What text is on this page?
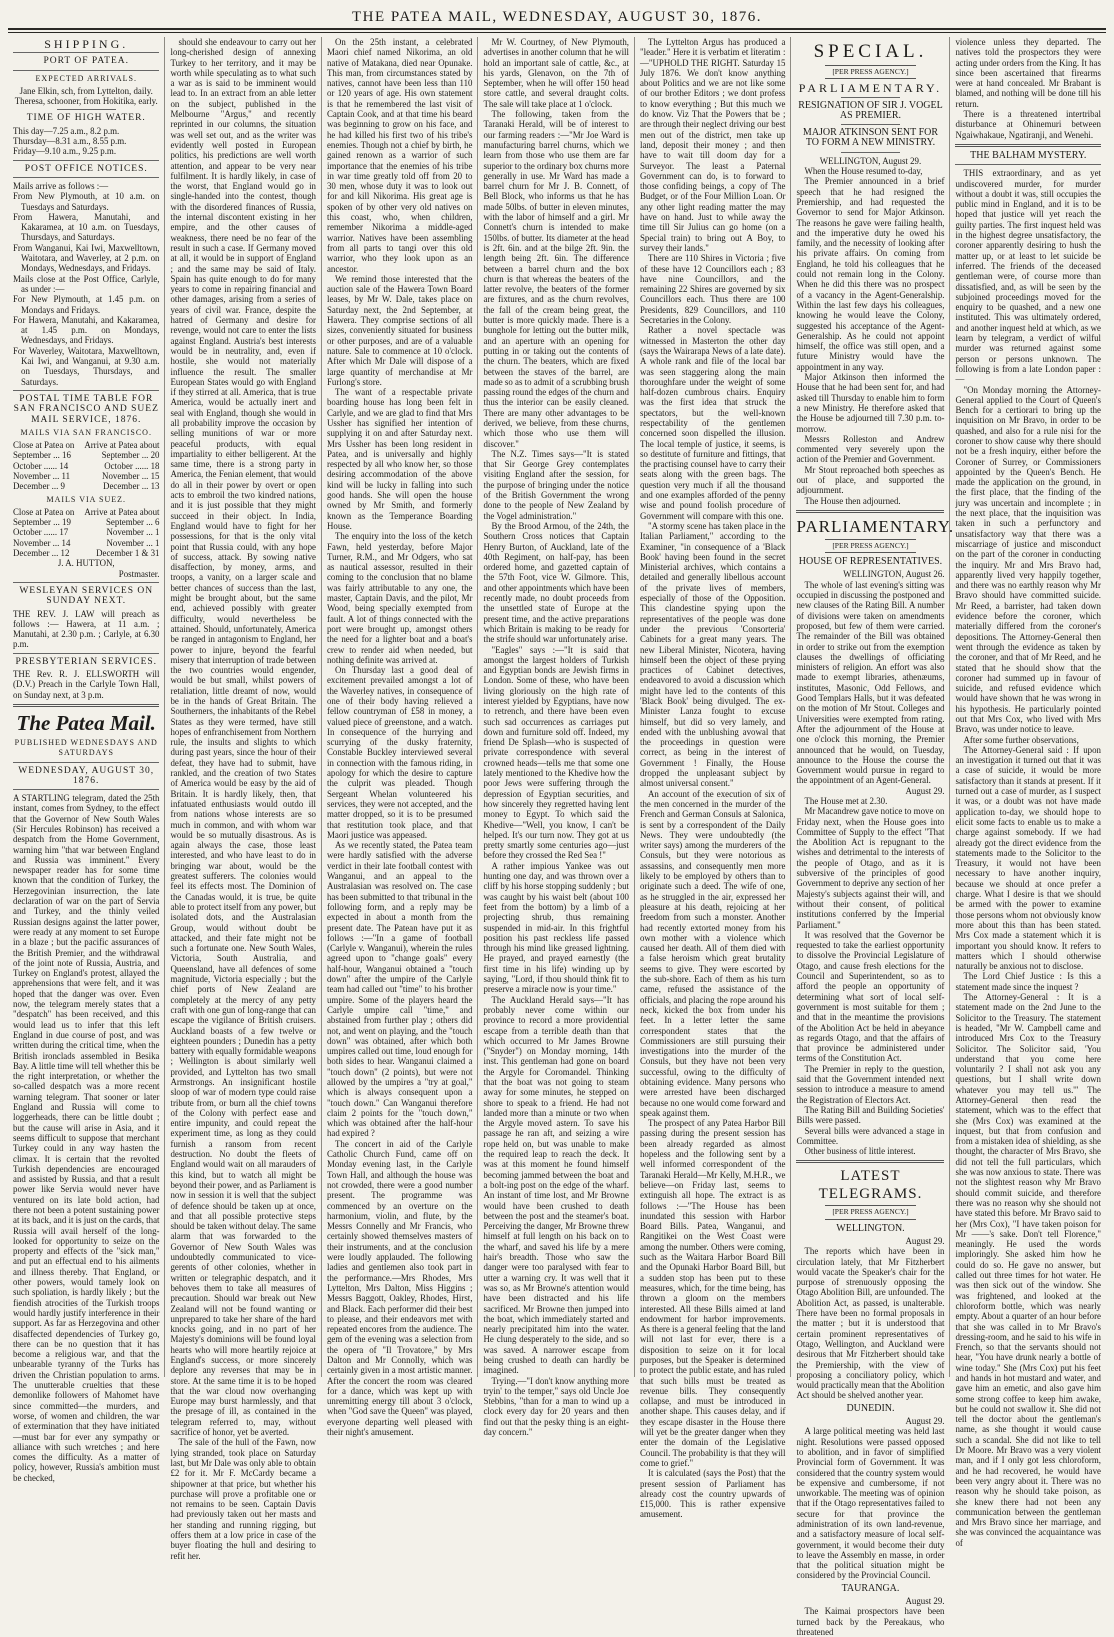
THE PATEA MAIL, WEDNESDAY, AUGUST 30, 1876.
SHIPPING.
PORT OF PATEA.
EXPECTED ARRIVALS.

Jane Elkin, sch, from Lyttelton, daily.

Theresa, schooner, from Hokitika, early.

TIME OF HIGH WATER.

This day—7.25 a.m., 8.2 p.m.

Thursday—8.31 a.m., 8.55 p.m.

Friday—9.10 a.m., 9.25 p.m.

POST OFFICE NOTICES.

Mails arrive as follows :—

From New Plymouth, at 10 a.m. on Tuesdays and Saturdays.

From Hawera, Manutahi, and Kakaramea, at 10 a.m. on Tuesdays, Thursdays, and Saturdays.

From Wanganui, Kai Iwi, Maxwelltown, Waitotara, and Waverley, at 2 p.m. on Mondays, Wednesdays, and Fridays.

Mails close at the Post Office, Carlyle, as under :—

For New Plymouth, at 1.45 p.m. on Mondays and Fridays.

For Hawera, Manutahi, and Kakaramea, at 1.45 p.m. on Mondays, Wednesdays, and Fridays.

For Waverley, Waitotara, Maxwelltown, Kai Iwi, and Wanganui, at 9.30 a.m. on Tuesdays, Thursdays, and Saturdays.

POSTAL TIME TABLE FOR SAN FRANCISCO AND SUEZ MAIL SERVICE, 1876.
MAILS VIA SAN FRANCISCO.
Close at Patea on Arrive at Patea about
September ... 16	September ... 20
October ...... 14	October ...... 18
November ... 11	November ... 15
December ... 9	December ... 13
MAILS VIA SUEZ.
Close at Patea on Arrive at Patea about
September ... 19	September ... 6
October ...... 17	November ... 1
November ... 14	November ... 1
December ... 12	December 1 & 31

J. A. HUTTON,

Postmaster.

WESLEYAN SERVICES ON SUNDAY NEXT.

THE REV. J. LAW will preach as follows :— Hawera, at 11 a.m. ; Manutahi, at 2.30 p.m. ; Carlyle, at 6.30 p.m.

PRESBYTERIAN SERVICES.

THE Rev. R. J. ELLSWORTH will (D.V.) Preach in the Carlyle Town Hall, on Sunday next, at 3 p.m.

The Patea Mail.
PUBLISHED WEDNESDAYS AND SATURDAYS
WEDNESDAY, AUGUST 30, 1876.

A STARTLING telegram, dated the 25th instant, comes from Sydney, to the effect that the Governor of New South Wales (Sir Hercules Robinson) has received a despatch from the Home Government, warning him "that war between England and Russia was imminent." Every newspaper reader has for some time known that the condition of Turkey, the Herzegovinian insurrection, the late declaration of war on the part of Servia and Turkey, and the thinly veiled Russian designs against the latter power, were ready at any moment to set Europe in a blaze ; but the pacific assurances of the British Premier, and the withdrawal of the joint note of Russia, Austria, and Turkey on England's protest, allayed the apprehensions that were felt, and it was hoped that the danger was over. Even now, the telegram merely states that a "despatch" has been received, and this would lead us to infer that this left England in due course of post, and was written during the critical time, when the British ironclads assembled in Besika Bay. A little time will tell whether this be the right interpretation, or whether the so-called despatch was a more recent warning telegram. That sooner or later England and Russia will come to loggerheads, there can be little doubt ; but the cause will arise in Asia, and it seems difficult to suppose that merchant Turkey could in any way hasten the climax. It is certain that the revolted Turkish dependencies are encouraged and assisted by Russia, and that a result power like Servia would never have ventured on its late bold action, had there not been a potent sustaining power at its back, and it is just on the cards, that Russia will avail herself of the long-looked for opportunity to seize on the property and effects of the "sick man," and put an effectual end to his ailments and illness thereby. That England, or other powers, would tamely look on such spoliation, is hardly likely ; but the fiendish atrocities of the Turkish troops would hardly justify interference in their support. As far as Herzegovina and other disaffected dependencies of Turkey go, there can be no question that it has become a religious war, and that the unbearable tyranny of the Turks has driven the Christian population to arms. The unutterable cruelties that these demonlike followers of Mahomet have since committed—the murders, and worse, of women and children, the war of extermination that they have initiated—must bar for ever any sympathy or alliance with such wretches ; and here comes the difficulty. As a matter of policy, however, Russia's ambition must be checked,

should she endeavour to carry out her long-cherished design of annexing Turkey to her territory, and it may be worth while speculating as to what such a war as is said to be imminent would lead to. In an extract from an able letter on the subject, published in the Melbourne "Argus," and recently reprinted in our columns, the situation was well set out, and as the writer was evidently well posted in European politics, his predictions are well worth attention, and appear to be very near fulfilment. It is hardly likely, in case of the worst, that England would go in single-handed into the contest, though with the disordered finances of Russia, the internal discontent existing in her empire, and the other causes of weakness, there need be no fear of the result in such a case. If Germany moved at all, it would be in support of England ; and the same may be said of Italy. Spain has quite enough to do for many years to come in repairing financial and other damages, arising from a series of years of civil war. France, despite the hatred of Germany and desire for revenge, would not care to enter the lists against England. Austria's best interests would be in neutrality, and, even if hostile, she would not materially influence the result. The smaller European States would go with England if they stirred at all. America, that is true America, would be actually inert and seal with England, though she would in all probability improve the occasion by selling munitions of war or more peaceful products, with equal impartiality to either belligerent. At the same time, there is a strong party in America, the Fenian element, that would do all in their power by overt or open acts to embroil the two kindred nations, and it is just possible that they might succeed in their object. In India, England would have to fight for her possessions, for that is the only vital point that Russia could, with any hope of success, attack. By sowing native disaffection, by money, arms, and troops, a vanity, on a larger scale and better chances of success than the last, might be brought about, but the same end, achieved possibly with greater difficulty, would nevertheless be attained. Should, unfortunately, America be ranged in antagonism to England, her power to injure, beyond the fearful misery that interruption of trade between the two countries would engender, would be but small, whilst powers of retaliation, little dreamt of now, would be in the hands of Great Britain. The Southerners, the inhabitants of the Rebel States as they were termed, have still hopes of enfranchisement from Northern rule, the insults and slights to which during past years, since the hour of their defeat, they have had to submit, have rankled, and the creation of two States of America would be easy by the aid of Britain. It is hardly likely, then, that infatuated enthusiasts would outdo ill from nations whose interests are so much in common, and with whom war would be so mutually disastrous. As is again always the case, those least interested, and who have least to do in bringing war about, would be the greatest sufferers. The colonies would feel its effects most. The Dominion of the Canadas would, it is true, be quite able to protect itself from any power, but isolated dots, and the Australasian Group, would without doubt be attacked, and their fate might not be such a fortunate one. New South Wales, Victoria, South Australia, and Queensland, have all defences of some magnitude, Victoria especially ; but the chief ports of New Zealand are completely at the mercy of any petty craft with one gun of long-range that can escape the vigilance of British cruisers. Auckland boasts of a few twelve or eighteen pounders ; Dunedin has a petty battery with equally formidable weapons ; Wellington is about similarly well provided, and Lyttelton has two small Armstrongs. An insignificant hostile sloop of war of modern type could raise tribute from, or burn all the chief towns of the Colony with perfect ease and entire impunity, and could repeat the experiment time, as long as they could furnish a ransom from recent destruction. No doubt the fleets of England would wait on all marauders of this kind, but to watch all might be beyond their power, and as Parliament is now in session it is well that the subject of defence should be taken up at once, and that all possible protective steps should be taken without delay. The same alarm that was forwarded to the Governor of New South Wales was undoubtedly communicated to vice-gerents of other colonies, whether in written or telegraphic despatch, and it behoves them to take all measures of precaution. Should war break out New Zealand will not be found wanting or unprepared to take her share of the hard knocks going, and in no part of her Majesty's dominions will be found loyal hearts who will more heartily rejoice at England's success, or more sincerely deplore any reverses that may be in store. At the same time it is to be hoped that the war cloud now overhanging Europe may burst harmlessly, and that the presage of ill, as contained in the telegram referred to, may, without sacrifice of honor, yet be averted.

The sale of the hull of the Fawn, now lying stranded, took place on Saturday last, but Mr Dale was only able to obtain £2 for it. Mr F. McCardy became a shipowner at that price, but whether his purchase will prove a profitable one or not remains to be seen. Captain Davis had previously taken out her masts and her standing and running rigging, but offers them at a low price in case of the buyer floating the hull and desiring to refit her.

On the 25th instant, a celebrated Maori chief named Nikorima, an old native of Matakana, died near Opunake. This man, from circumstances stated by natives, cannot have been less than 110 or 120 years of age. His own statement is that he remembered the last visit of Captain Cook, and at that time his beard was beginning to grow on his face, and he had killed his first two of his tribe's enemies. Though not a chief by birth, he gained renown as a warrior of such importance that the enemies of his tribe in war time greatly told off from 20 to 30 men, whose duty it was to look out for and kill Nikorima. His great age is spoken of by other very old natives on this coast, who, when children, remember Nikorima a middle-aged warrior. Natives have been assembling from all parts to tangi over this old warrior, who they look upon as an ancestor.

We remind those interested that the auction sale of the Hawera Town Board leases, by Mr W. Dale, takes place on Saturday next, the 2nd September, at Hawera. They comprise sections of all sizes, conveniently situated for business or other purposes, and are of a valuable nature. Sale to commence at 10 o'clock. After which Mr Dale will dispose of a large quantity of merchandise at Mr Furlong's store.

The want of a respectable private boarding house has long been felt in Carlyle, and we are glad to find that Mrs Ussher has signified her intention of supplying it on and after Saturday next. Mrs Ussher has been long resident in Patea, and is universally and highly respected by all who know her, so those desiring accommodation of the above kind will be lucky in falling into such good hands. She will open the house owned by Mr Smith, and formerly known as the Temperance Boarding House.

The enquiry into the loss of the ketch Fawn, held yesterday, before Major Turner, R.M., and Mr Odgers, who sat as nautical assessor, resulted in their coming to the conclusion that no blame was fairly attributable to any one, the master, Captain Davis, and the pilot, Mr Wood, being specially exempted from fault. A lot of things connected with the port were brought up, amongst others the need for a lighter boat and a boat's crew to render aid when needed, but nothing definite was arrived at.

On Thursday last a good deal of excitement prevailed amongst a lot of the Waverley natives, in consequence of one of their body having relieved a fellow countryman of £58 in money, a valued piece of greenstone, and a watch. In consequence of the hurrying and scurrying of the dusky fraternity, Constable Buckley interviewed several in connection with the famous riding, in apology for which the desire to capture the culprit was pleaded. Though Sergeant Whelan volunteered his services, they were not accepted, and the matter dropped, so it is to be presumed that restitution took place, and that Maori justice was appeased.

As we recently stated, the Patea team were hardly satisfied with the adverse verdict in their late football contest with Wanganui, and an appeal to the Australasian was resolved on. The case has been submitted to that tribunal in the following form, and a reply may be expected in about a month from the present date. The Patean have put it as follows :—"In a game of football (Carlyle v. Wanganui), wherein the rules agreed upon to "change goals" every half-hour, Wanganui obtained a "touch down" after the umpire of the Carlyle team had called out "time" to his brother umpire. Some of the players heard the Carlyle umpire call "time," and abstained from further play ; others did not, and went on playing, and the "touch down" was obtained, after which both umpires called out time, loud enough for both sides to hear. Wanganui claimed a "touch down" (2 points), but were not allowed by the umpires a "try at goal," which is always consequent upon a "touch down." Can Wanganui therefore claim 2 points for the "touch down," which was obtained after the half-hour had expired ?

The concert in aid of the Carlyle Catholic Church Fund, came off on Monday evening last, in the Carlyle Town Hall, and although the house was not crowded, there were a good number present. The programme was commenced by an overture on the harmonium, violin, and flute, by the Messrs Connelly and Mr Francis, who certainly showed themselves masters of their instruments, and at the conclusion were loudly applauded. The following ladies and gentlemen also took part in the performance.—Mrs Rhodes, Mrs Lyttelton, Mrs Dalton, Miss Higgins ; Messrs Baggott, Oakley, Rhodes, Hirst, and Black. Each performer did their best to please, and their endeavors met with repeated encores from the audience. The gem of the evening was a selection from the opera of "Il Trovatore," by Mrs Dalton and Mr Connolly, which was certainly given in a most artistic manner. After the concert the room was cleared for a dance, which was kept up with unremitting energy till about 3 o'clock, when "God save the Queen" was played, everyone departing well pleased with their night's amusement.

Mr W. Courtney, of New Plymouth, advertises in another column that he will hold an important sale of cattle, &c., at his yards, Glenavon, on the 7th of September, when he will offer 150 head store cattle, and several draught colts. The sale will take place at 1 o'clock.

The following, taken from the Taranaki Herald, will be of interest to our farming readers :—"Mr Joe Ward is manufacturing barrel churns, which we learn from those who use them are far superior to the ordinary box churns more generally in use. Mr Ward has made a barrel churn for Mr J. B. Connett, of Bell Block, who informs us that he has made 50lbs. of butter in eleven minutes, with the labor of himself and a girl. Mr Connett's churn is intended to make 150lbs. of butter. Its diameter at the head is 2ft. 6in. and at the bilge 2ft. 9in. the length being 2ft. 6in. The difference between a barrel churn and the box churn is that whereas the beaters of the latter revolve, the beaters of the former are fixtures, and as the churn revolves, the fall of the cream being great, the butter is more quickly made. There is a bunghole for letting out the butter milk, and an aperture with an opening for putting in or taking out the contents of the churn. The beaters, which are fixed between the staves of the barrel, are made so as to admit of a scrubbing brush passing round the edges of the churn and thus the interior can be easily cleaned. There are many other advantages to be derived, we believe, from these churns, which those who use them will discover."

The N.Z. Times says—"It is stated that Sir George Grey contemplates visiting England after the session, for the purpose of bringing under the notice of the British Government the wrong done to the people of New Zealand by the Vogel administration."

By the Brood Armou, of the 24th, the Southern Cross notices that Captain Henry Burton, of Auckland, late of the 40th Regiment, on half-pay, has been ordered home, and gazetted captain of the 57th Foot, vice W. Gilmore. This, and other appointments which have been recently made, no doubt proceeds from the unsettled state of Europe at the present time, and the active preparations which Britain is making to be ready for the strife should war unfortunately arise.

"Eagles" says :—"It is said that amongst the largest holders of Turkish and Egyptian bonds are Jewish firms in London. Some of these, who have been living gloriously on the high rate of interest yielded by Egyptians, have now to retrench, and there have been even such sad occurrences as carriages put down and furniture sold off. Indeed, my friend De Splash—who is suspected of private correspondence with several crowned heads—tells me that some one lately mentioned to the Khedive how the poor Jews were suffering through the depression of Egyptian securities, and how sincerely they regretted having lent money to Egypt. To which said the Khedive—"Well, you know, I can't be helped. It's our turn now. They got at us pretty smartly some centuries ago—just before they crossed the Red Sea !"

A rather impious Yankee was out hunting one day, and was thrown over a cliff by his horse stopping suddenly ; but was caught by his waist belt (about 100 feet from the bottom) by a limb of a projecting shrub, thus remaining suspended in mid-air. In this frightful position his past reckless life passed through his mind like greased lightning. He prayed, and prayed earnestly (the first time in his life) winding up by saying, "Lord, if thou should think fit to preserve a miracle now is your time."

The Auckland Herald says—"It has probably never come within our province to record a more providential escape from a terrible death than that which occurred to Mr James Browne ("Snyder") on Monday morning, 14th inst. This gentleman had gone on board the Argyle for Coromandel. Thinking that the boat was not going to steam away for some minutes, he stepped on shore to speak to a friend. He had not landed more than a minute or two when the Argyle moved astern. To save his passage he ran aft, and seizing a wire rope held on, but was unable to make the required leap to reach the deck. It was at this moment he found himself becoming jammed between the boat and a bolt-ing post on the edge of the wharf. An instant of time lost, and Mr Browne would have been crushed to death between the post and the steamer's boat. Perceiving the danger, Mr Browne threw himself at full length on his back on to the wharf, and saved his life by a mere hair's breadth. Those who saw the danger were too paralysed with fear to utter a warning cry. It was well that it was so, as Mr Browne's attention would have been distracted and his life sacrificed. Mr Browne then jumped into the boat, which immediately started and nearly precipitated him into the water. He clung desperately to the side, and so was saved. A narrower escape from being crushed to death can hardly be imagined.

Trying.—"I don't know anything more tryin' to the temper," says old Uncle Joe Stebbins, "than for a man to wind up a clock every day for 20 years and then find out that the pesky thing is an eight-day concern."

The Lyttelton Argus has produced a "leader." Here it is verbatim et literatim :—"UPHOLD THE RIGHT. Saturday 15 July 1876. We don't know anything about Politics and we are not like some of our brother Editors ; we dont profess to know everything ; But this much we do know. Viz That the Powers that be ; are through their neglect driving our best men out of the district, men take up land, deposit their money ; and then have to wait till doom day for a Surveyor. The least a Paternal Government can do, is to forward to those confiding beings, a copy of The Budget, or of the Four Million Loan. Or any other light reading matter the may have on hand. Just to while away the time till Sir Julius can go home (on a Special train) to bring out A Boy, to survey their lands."

There are 110 Shires in Victoria ; five of these have 12 Councillors each ; 83 have nine Councillors, and the remaining 22 Shires are governed by six Councillors each. Thus there are 100 Presidents, 829 Councillors, and 110 Secretaries in the Colony.

Rather a novel spectacle was witnessed in Masterton the other day (says the Wairarapa News of a late date). A whole rank and file of the local bar was seen staggering along the main thoroughfare under the weight of some half-dozen cumbrous chairs. Enquiry was the first idea that struck the spectators, but the well-known respectability of the gentlemen concerned soon dispelled the illusion. The local temple of justice, it seems, is so destitute of furniture and fittings, that the practising counsel have to carry their seats along with the green bags. The question very much if all the thousand and one examples afforded of the penny wise and pound foolish procedure of Government will compare with this one.

"A stormy scene has taken place in the Italian Parliament," according to the Examiner, "in consequence of a 'Black Book' having been found in the secret Ministerial archives, which contains a detailed and generally libellous account of the private lives of members, especially of those of the Opposition. This clandestine spying upon the representatives of the people was done under the previous 'Consorteria' Cabinets for a great many years. The new Liberal Minister, Nicotera, having himself been the object of these prying practices of Cabinet detectives, endeavored to avoid a discussion which might have led to the contents of this 'Black Book' being divulged. The ex-Minister Lanza fought to excuse himself, but did so very lamely, and ended with the unblushing avowal that the proceedings in question were correct, as being in the interest of Government ! Finally, the House dropped the unpleasant subject by almost universal consent."

An account of the execution of six of the men concerned in the murder of the French and German Consuls at Salonica, is sent by a correspondent of the Daily News. They were undoubtedly (the writer says) among the murderers of the Consuls, but they were notorious as assassins, and consequently men more likely to be employed by others than to originate such a deed. The wife of one, as he struggled in the air, expressed her pleasure at his death, rejoicing at her freedom from such a monster. Another had recently extorted money from his own mother with a violence which caused her death. All of them died with a false heroism which great brutality seems to give. They were escorted by the sub-shore. Each of them as his turn came, refused the assistance of the officials, and placing the rope around his neck, kicked the box from under his feet. In a letter letter the same correspondent states that the Commissioners are still pursuing their investigations into the murder of the Consuls, but they have not been very successful, owing to the difficulty of obtaining evidence. Many persons who were arrested have been discharged because no one would come forward and speak against them.

The prospect of any Patea Harbor Bill passing during the present session has been already regarded as almost hopeless and the following sent by a well informed correspondent of the Taranaki Herald—Mr Kelly, M.H.R., we believe—on Friday last, seems to extinguish all hope. The extract is as follows :—"The House has been inundated this session with Harbor Board Bills. Patea, Wanganui, and Rangitikei on the West Coast were among the number. Others were coming, such as the Waitara Harbor Board Bill and the Opunaki Harbor Board Bill, but a sudden stop has been put to these measures, which, for the time being, has thrown a gloom on the members interested. All these Bills aimed at land endowment for harbor improvements. As there is a general feeling that the land will not last for ever, there is a disposition to seize on it for local purposes, but the Speaker is determined to protect the public estate, and has ruled that such bills must be treated as revenue bills. They consequently collapse, and must be introduced in another shape. This causes delay, and if they escape disaster in the House there will yet be the greater danger when they enter the domain of the Legislative Council. The probability is that they will come to grief."

It is calculated (says the Post) that the present session of Parliament has already cost the country upwards of £15,000. This is rather expensive amusement.

SPECIAL.
[PER PRESS AGENCY.]
PARLIAMENTARY.
RESIGNATION OF SIR J. VOGEL AS PREMIER.
MAJOR ATKINSON SENT FOR TO FORM A NEW MINISTRY.

WELLINGTON, August 29.

When the House resumed to-day,

The Premier announced in a brief speech that he had resigned the Premiership, and had requested the Governor to send for Major Atkinson. The reasons he gave were failing health, and the imperative duty he owed his family, and the necessity of looking after his private affairs. On coming from England, he told his colleagues that he could not remain long in the Colony. When he did this there was no prospect of a vacancy in the Agent-Generalship. Within the last few days his colleagues, knowing he would leave the Colony, suggested his acceptance of the Agent-Generalship. As he could not appoint himself, the office was still open, and a future Ministry would have the appointment in any way.

Major Atkinson then informed the House that he had been sent for, and had asked till Thursday to enable him to form a new Ministry. He therefore asked that the House be adjourned till 7.30 p.m. to-morrow.

Messrs Rolleston and Andrew commented very severely upon the action of the Premier and Government.

Mr Stout reproached both speeches as out of place, and supported the adjournment.

The House then adjourned.

PARLIAMENTARY.
[PER PRESS AGENCY.]
HOUSE OF REPRESENTATIVES.

WELLINGTON, August 26.

The whole of last evening's sitting was occupied in discussing the postponed and new clauses of the Rating Bill. A number of divisions were taken on amendments proposed, but few of them were carried. The remainder of the Bill was obtained in order to strike out from the exemption clauses the dwellings of officiating ministers of religion. An effort was also made to exempt libraries, athenæums, institutes, Masonic, Odd Fellows, and Good Templars Halls, but it was defeated on the motion of Mr Stout. Colleges and Universities were exempted from rating. After the adjournment of the House at one o'clock this morning, the Premier announced that he would, on Tuesday, announce to the House the course the Government would pursue in regard to the appointment of an Agent-General.

August 29.

The House met at 2.30.

Mr Macandrew gave notice to move on Friday next, when the House goes into Committee of Supply to the effect "That the Abolition Act is repugnant to the wishes and detrimental to the interests of the people of Otago, and as it is subversive of the principles of good Government to deprive any section of her Majesty's subjects against their will, and without their consent, of political institutions conferred by the Imperial Parliament."

It was resolved that the Governor be requested to take the earliest opportunity to dissolve the Provincial Legislature of Otago, and cause fresh elections for the Council and Superintendent, so as to afford the people an opportunity of determining what sort of local self-government is most suitable for them ; and that in the meantime the provisions of the Abolition Act be held in abeyance as regards Otago, and that the affairs of that province be administered under terms of the Constitution Act.

The Premier in reply to the question, said that the Government intended next session to introduce a measure to amend the Registration of Electors Act.

The Rating Bill and Building Societies' Bills were passed.

Several bills were advanced a stage in Committee.

Other business of little interest.

LATEST TELEGRAMS.
[PER PRESS AGENCY.]
WELLINGTON.

August 29.

The reports which have been in circulation lately, that Mr Fitzherbert would vacate the Speaker's chair for the purpose of strenuously opposing the Otago Abolition Bill, are unfounded. The Abolition Act, as passed, is unalterable. There have been no formal proposals in the matter ; but it is understood that certain prominent representatives of Otago, Wellington, and Auckland were desirous that Mr Fitzherbert should take the Premiership, with the view of proposing a conciliatory policy, which would practically mean that the Abolition Act should be shelved another year.

DUNEDIN.

August 29.

A large political meeting was held last night. Resolutions were passed opposed to abolition, and in favor of simplified Provincial form of Government. It was considered that the country system would be expensive and cumbersome, if not unworkable. The meeting was of opinion that if the Otago representatives failed to secure for that province the administration of its own land-revenue, and a satisfactory measure of local self-government, it would become their duty to leave the Assembly en masse, in order that the political situation might be considered by the Provincial Council.

TAURANGA.

August 29.

The Kaimai prospectors have been turned back by the Pereakaus, who threatened

violence unless they departed. The natives told the prospectors they were acting under orders from the King. It has since been ascertained that firearms were at hand concealed. Mr Brabant is blamed, and nothing will be done till his return.

There is a threatened intertribal disturbance at Ohinemuri between Ngaiwhakaue, Ngatiranji, and Wenehi.

THE BALHAM MYSTERY.

THIS extraordinary, and as yet undiscovered murder, for murder without a doubt it was, still occupies the public mind in England, and it is to be hoped that justice will yet reach the guilty parties. The first inquest held was in the highest degree unsatisfactory, the coroner apparently desiring to hush the matter up, or at least to let suicide be inferred. The friends of the deceased gentleman were, of course more than dissatisfied, and, as will be seen by the subjoined proceedings moved for the enquiry to be quashed, and a new one instituted. This was ultimately ordered, and another inquest held at which, as we learn by telegram, a verdict of wilful murder was returned against some person or persons unknown. The following is from a late London paper :—

"On Monday morning the Attorney-General applied to the Court of Queen's Bench for a certiorari to bring up the inquisition on Mr Bravo, in order to be quashed, and also for a rule nisi for the coroner to show cause why there should not be a fresh inquiry, either before the Coroner of Surrey, or Commissioners appointed by the Queen's Bench. He made the application on the ground, in the first place, that the finding of the jury was uncertain and incomplete ; in the next place, that the inquisition was taken in such a perfunctory and unsatisfactory way that there was a miscarriage of justice and misconduct on the part of the coroner in conducting the inquiry. Mr and Mrs Bravo had, apparently lived very happily together, and there was no earthly reason why Mr Bravo should have committed suicide. Mr Reed, a barrister, had taken down evidence before the coroner, which materially differed from the coroner's depositions. The Attorney-General then went through the evidence as taken by the coroner, and that of Mr Reed, and he stated that he should show that the coroner had summed up in favour of suicide, and refused evidence which would have shown that he was wrong in his hypothesis. He particularly pointed out that Mrs Cox, who lived with Mrs Bravo, was under notice to leave.

After some further observations,

The Attorney-General said : If upon an investigation it turned out that it was a case of suicide, it would be more satisfactory than it stands at present. If it turned out a case of murder, as I suspect it was, or a doubt was not have made application to-day, we should hope to elicit some facts to enable us to make a charge against somebody. If we had already got the direct evidence from the statements made to the Solicitor to the Treasury, it would not have been necessary to have another inquiry, because we should at once prefer a charge. What I desire is that we should be armed with the power to examine those persons whom not obviously know more about this than has been stated. Mrs Cox made a statement which it is important you should know. It refers to matters which I should otherwise naturally be anxious not to disclose.

The Lord Chief Justice : Is this a statement made since the inquest ?

The Attorney-General : It is a statement made on the 2nd June to the Solicitor to the Treasury. The statement is headed, "Mr W. Campbell came and introduced Mrs Cox to the Treasury Solicitor. The Solicitor said, 'You understand that you come here voluntarily ? I shall not ask you any questions, but I shall write down whatever you may tell us.'" The Attorney-General then read the statement, which was to the effect that she (Mrs Cox) was examined at the inquest, but that from confusion and from a mistaken idea of shielding, as she thought, the character of Mrs Bravo, she did not tell the full particulars, which she was now anxious to state. There was not the slightest reason why Mr Bravo should commit suicide, and therefore there was no reason why she should not have stated this before. Mr Bravo said to her (Mrs Cox), "I have taken poison for Mr ——'s sake. Don't tell Florence," meaningly. He used the words imploringly. She asked him how he could do so. He gave no answer, but called out three times for hot water. He was then sick out of the window. She was frightened, and looked at the chloroform bottle, which was nearly empty. About a quarter of an hour before that she was called in to Mr Bravo's dressing-room, and he said to his wife in French, so that the servants should not hear, "You have drunk nearly a bottle of wine today." She (Mrs Cox) put his feet and hands in hot mustard and water, and gave him an emetic, and also gave him some strong coffee to keep him awake, but he could not swallow it. She did not tell the doctor about the gentleman's name, as she thought it would cause such a scandal. She did not like to tell Dr Moore. Mr Bravo was a very violent man, and if I only got less chloroform, and he had recovered, he would have been very angry about it. There was no reason why he should take poison, as she knew there had not been any communication between the gentleman and Mrs Bravo since her marriage, and she was convinced the acquaintance was of
